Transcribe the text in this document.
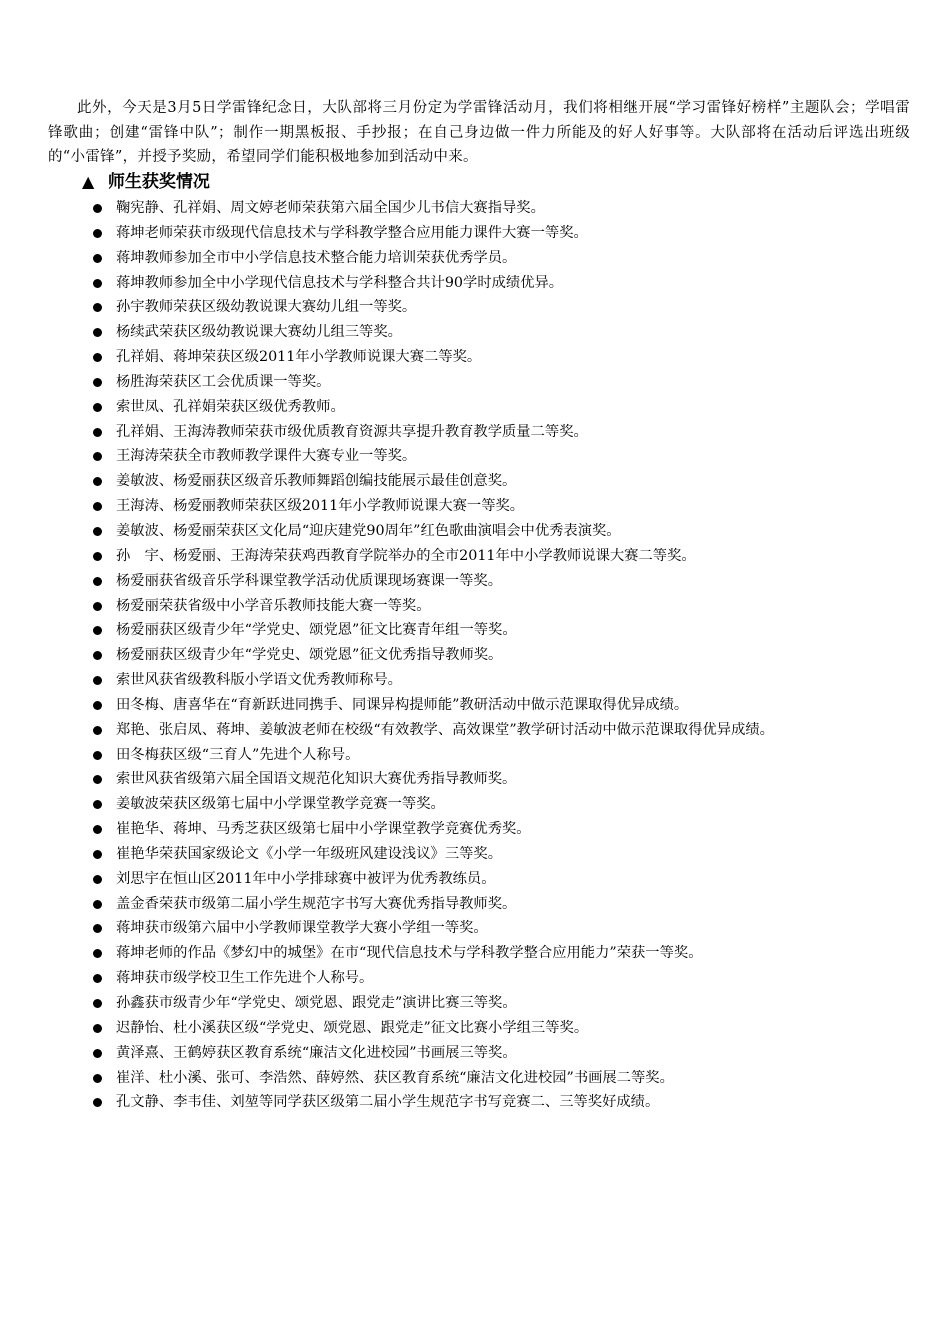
此外，今天是3月5日学雷锋纪念日，大队部将三月份定为学雷锋活动月，我们将相继开展“学习雷锋好榜样”主题队会；学唱雷锋歌曲；创建“雷锋中队”；制作一期黑板报、手抄报；在自己身边做一件力所能及的好人好事等。大队部将在活动后评选出班级的“小雷锋”，并授予奖励，希望同学们能积极地参加到活动中来。

▲ 师生获奖情况
鞠宪静、孔祥娟、周文婷老师荣获第六届全国少儿书信大赛指导奖。
蒋坤老师荣获市级现代信息技术与学科教学整合应用能力课件大赛一等奖。
蒋坤教师参加全市中小学信息技术整合能力培训荣获优秀学员。
蒋坤教师参加全中小学现代信息技术与学科整合共计90学时成绩优异。
孙宇教师荣获区级幼教说课大赛幼儿组一等奖。
杨续武荣获区级幼教说课大赛幼儿组三等奖。
孔祥娟、蒋坤荣获区级2011年小学教师说课大赛二等奖。
杨胜海荣获区工会优质课一等奖。
索世凤、孔祥娟荣获区级优秀教师。
孔祥娟、王海涛教师荣获市级优质教育资源共享提升教育教学质量二等奖。
王海涛荣获全市教师教学课件大赛专业一等奖。
姜敏波、杨爱丽获区级音乐教师舞蹈创编技能展示最佳创意奖。
王海涛、杨爱丽教师荣获区级2011年小学教师说课大赛一等奖。
姜敏波、杨爱丽荣获区文化局“迎庆建党90周年”红色歌曲演唱会中优秀表演奖。
孙　宇、杨爱丽、王海涛荣获鸡西教育学院举办的全市2011年中小学教师说课大赛二等奖。
杨爱丽获省级音乐学科课堂教学活动优质课现场赛课一等奖。
杨爱丽荣获省级中小学音乐教师技能大赛一等奖。
杨爱丽获区级青少年“学党史、颂党恩”征文比赛青年组一等奖。
杨爱丽获区级青少年“学党史、颂党恩”征文优秀指导教师奖。
索世风获省级教科版小学语文优秀教师称号。
田冬梅、唐喜华在“育新跃进同携手、同课异构提师能”教研活动中做示范课取得优异成绩。
郑艳、张启凤、蒋坤、姜敏波老师在校级“有效教学、高效课堂”教学研讨活动中做示范课取得优异成绩。
田冬梅获区级“三育人”先进个人称号。
索世风获省级第六届全国语文规范化知识大赛优秀指导教师奖。
姜敏波荣获区级第七届中小学课堂教学竞赛一等奖。
崔艳华、蒋坤、马秀芝获区级第七届中小学课堂教学竞赛优秀奖。
崔艳华荣获国家级论文《小学一年级班风建设浅议》三等奖。
刘思宇在恒山区2011年中小学排球赛中被评为优秀教练员。
盖金香荣获市级第二届小学生规范字书写大赛优秀指导教师奖。
蒋坤获市级第六届中小学教师课堂教学大赛小学组一等奖。
蒋坤老师的作品《梦幻中的城堡》在市“现代信息技术与学科教学整合应用能力”荣获一等奖。
蒋坤获市级学校卫生工作先进个人称号。
孙鑫获市级青少年“学党史、颂党恩、跟党走”演讲比赛三等奖。
迟静怡、杜小溪获区级“学党史、颂党恩、跟党走”征文比赛小学组三等奖。
黄泽熹、王鹤婷获区教育系统“廉洁文化进校园”书画展三等奖。
崔洋、杜小溪、张可、李浩然、薛婷然、获区教育系统“廉洁文化进校园”书画展二等奖。
孔文静、李韦佳、刘堃等同学获区级第二届小学生规范字书写竞赛二、三等奖好成绩。
